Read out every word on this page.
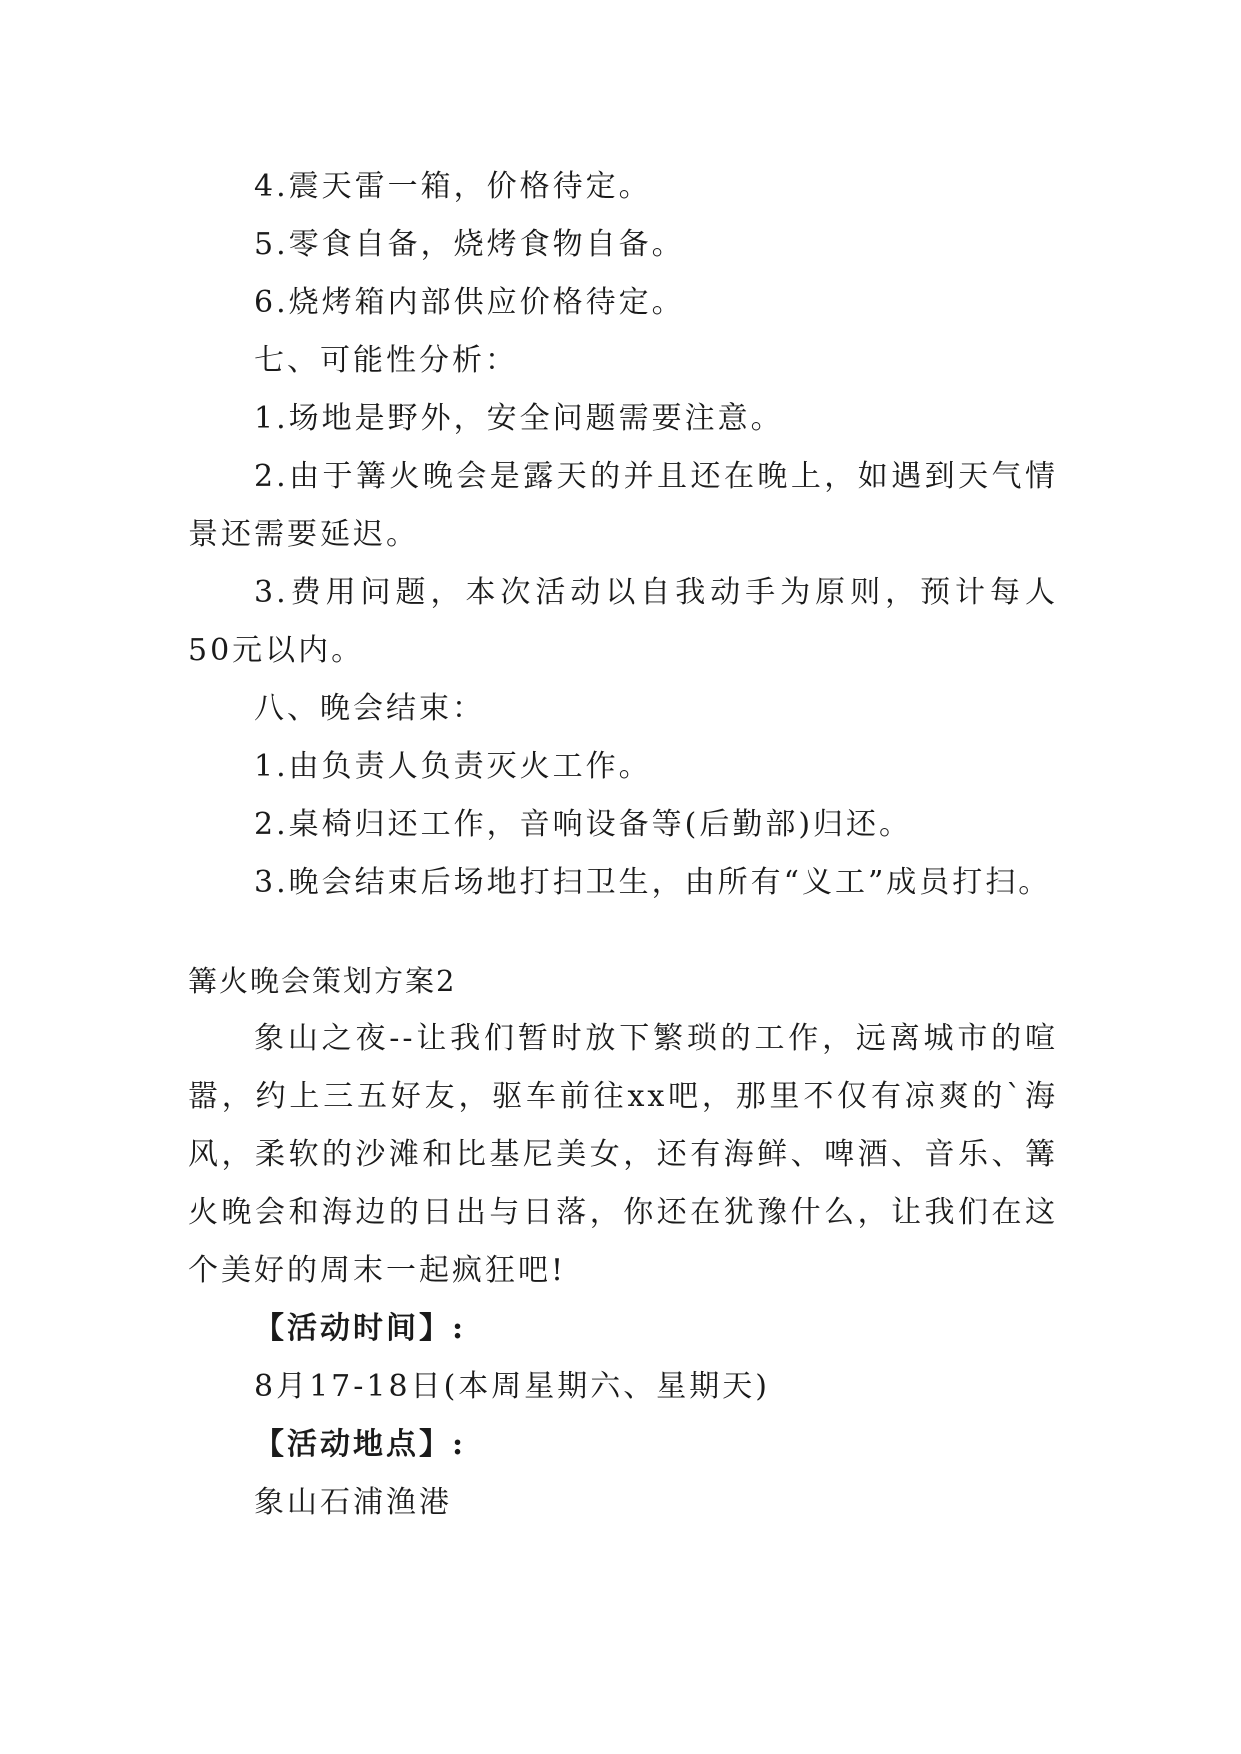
4.震天雷一箱，价格待定。

5.零食自备，烧烤食物自备。

6.烧烤箱内部供应价格待定。

七、可能性分析：

1.场地是野外，安全问题需要注意。

2.由于篝火晚会是露天的并且还在晚上，如遇到天气情景还需要延迟。

3.费用问题，本次活动以自我动手为原则，预计每人50元以内。

八、晚会结束：

1.由负责人负责灭火工作。

2.桌椅归还工作，音响设备等(后勤部)归还。

3.晚会结束后场地打扫卫生，由所有“义工”成员打扫。

篝火晚会策划方案2

象山之夜--让我们暂时放下繁琐的工作，远离城市的喧嚣，约上三五好友，驱车前往xx吧，那里不仅有凉爽的`海风，柔软的沙滩和比基尼美女，还有海鲜、啤酒、音乐、篝火晚会和海边的日出与日落，你还在犹豫什么，让我们在这个美好的周末一起疯狂吧!

【活动时间】:

8月17-18日(本周星期六、星期天)

【活动地点】:

象山石浦渔港
